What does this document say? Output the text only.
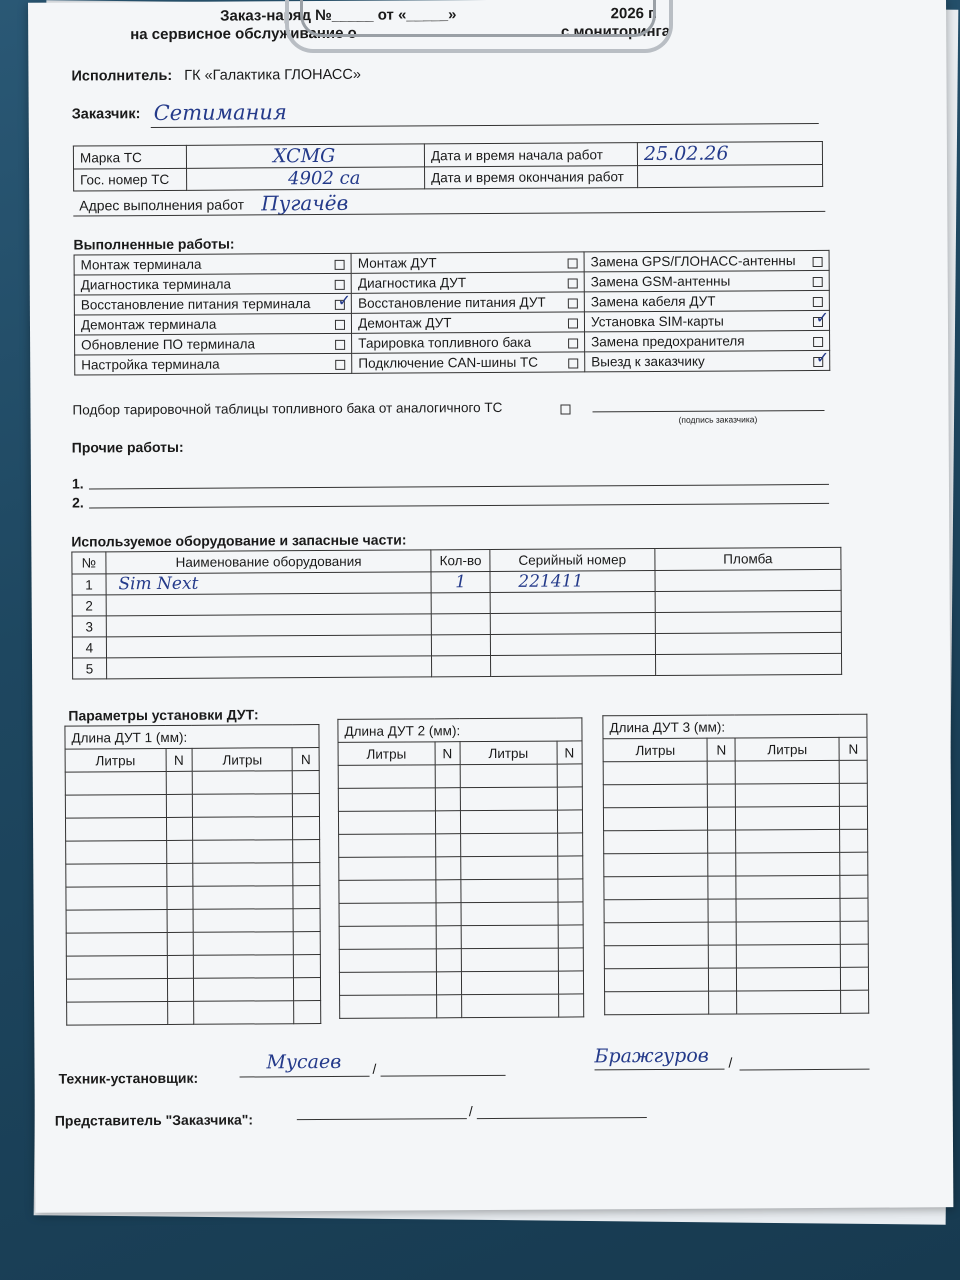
Заказ-наряд №_____ от «_____»	2026 г.
на сервисное обслуживание о	с мониторинга
Исполнитель: ГК «Галактика ГЛОНАСС»
Заказчик: Сетимания
Марка ТС	XCMG	Дата и время начала работ	25.02.26
Гос. номер ТС	4902 са	Дата и время окончания работ	
Адрес выполнения работ Пугачёв
Выполненные работы:
Монтаж терминала	Монтаж ДУТ	Замена GPS/ГЛОНАСС-антенны

Диагностика терминала	Диагностика ДУТ	Замена GSM-антенны

Восстановление питания терминала ✓	Восстановление питания ДУТ	Замена кабеля ДУТ

Демонтаж терминала	Демонтаж ДУТ	Установка SIM-карты ✓

Обновление ПО терминала	Тарировка топливного бака	Замена предохранителя

Настройка терминала	Подключение CAN-шины ТС	Выезд к заказчику ✓
Подбор тарировочной таблицы топливного бака от аналогичного ТС
(подпись заказчика)
Прочие работы:
1.
2.
Используемое оборудование и запасные части:
№	Наименование оборудования	Кол-во	Серийный номер	Пломба
1	Sim Next	1	221411	
2				
3				
4				
5				
Параметры установки ДУТ:
Длина ДУТ 1 (мм):			
Литры	N	Литры	N

Длина ДУТ 2 (мм):			
Литры	N	Литры	N

Длина ДУТ 3 (мм):			
Литры	N	Литры	N

Техник-установщик:
Мусаев /
Бражгуров /
Представитель "Заказчика":
/
